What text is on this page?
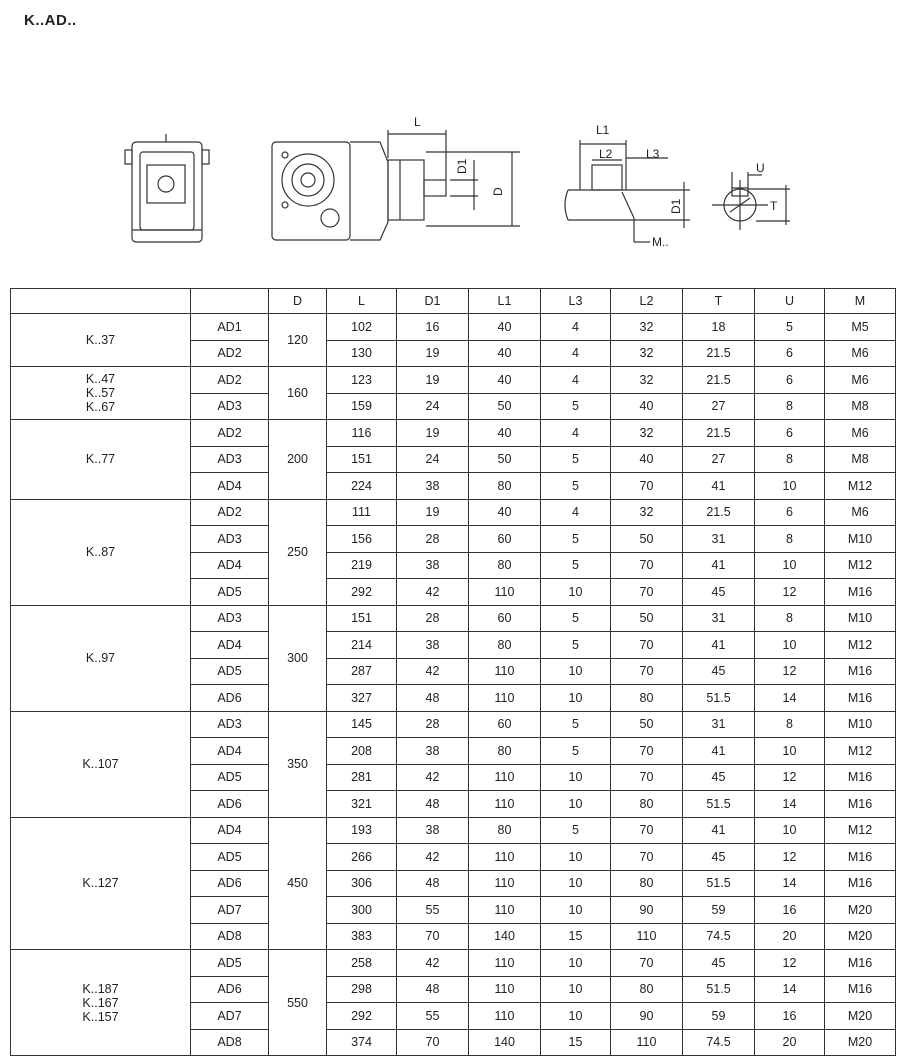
K..AD..
L
D1
D
L1
L2	L3
M..
D1
U
T
		D	L	D1	L1	L3	L2	T	U	M
K..37	AD1	120	102	16	40	4	32	18	5	M5
	AD2		130	19	40	4	32	21.5	6	M6
K..47
K..57
K..67	AD2	160	123	19	40	4	32	21.5	6	M6
	AD3		159	24	50	5	40	27	8	M8
K..77	AD2	200	116	19	40	4	32	21.5	6	M6
	AD3		151	24	50	5	40	27	8	M8
	AD4		224	38	80	5	70	41	10	M12
K..87	AD2	250	111	19	40	4	32	21.5	6	M6
	AD3		156	28	60	5	50	31	8	M10
	AD4		219	38	80	5	70	41	10	M12
	AD5		292	42	110	10	70	45	12	M16
K..97	AD3	300	151	28	60	5	50	31	8	M10
	AD4		214	38	80	5	70	41	10	M12
	AD5		287	42	110	10	70	45	12	M16
	AD6		327	48	110	10	80	51.5	14	M16
K..107	AD3	350	145	28	60	5	50	31	8	M10
	AD4		208	38	80	5	70	41	10	M12
	AD5		281	42	110	10	70	45	12	M16
	AD6		321	48	110	10	80	51.5	14	M16
K..127	AD4	450	193	38	80	5	70	41	10	M12
	AD5		266	42	110	10	70	45	12	M16
	AD6		306	48	110	10	80	51.5	14	M16
	AD7		300	55	110	10	90	59	16	M20
	AD8		383	70	140	15	110	74.5	20	M20
K..187
K..167
K..157	AD5	550	258	42	110	10	70	45	12	M16
	AD6		298	48	110	10	80	51.5	14	M16
	AD7		292	55	110	10	90	59	16	M20
	AD8		374	70	140	15	110	74.5	20	M20
